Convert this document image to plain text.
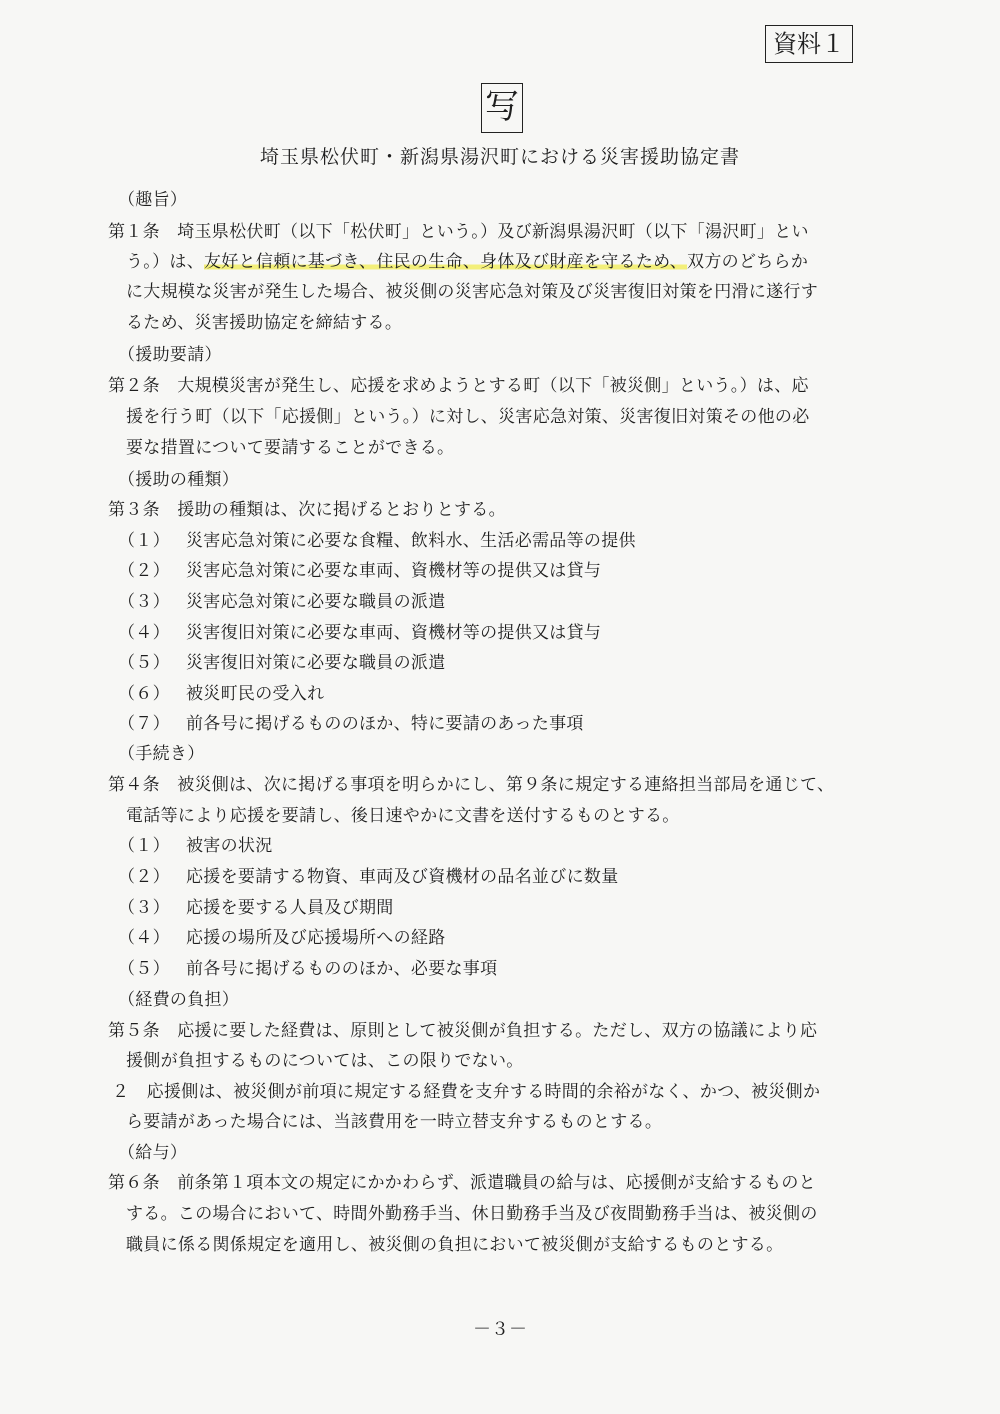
資料１
写
埼玉県松伏町・新潟県湯沢町における災害援助協定書
（趣旨）
第１条　埼玉県松伏町（以下「松伏町」という。）及び新潟県湯沢町（以下「湯沢町」とい
う。）は、友好と信頼に基づき、住民の生命、身体及び財産を守るため、双方のどちらか
に大規模な災害が発生した場合、被災側の災害応急対策及び災害復旧対策を円滑に遂行す
るため、災害援助協定を締結する。
（援助要請）
第２条　大規模災害が発生し、応援を求めようとする町（以下「被災側」という。）は、応
援を行う町（以下「応援側」という。）に対し、災害応急対策、災害復旧対策その他の必
要な措置について要請することができる。
（援助の種類）
第３条　援助の種類は、次に掲げるとおりとする。
（１） 災害応急対策に必要な食糧、飲料水、生活必需品等の提供
（２） 災害応急対策に必要な車両、資機材等の提供又は貸与
（３） 災害応急対策に必要な職員の派遣
（４） 災害復旧対策に必要な車両、資機材等の提供又は貸与
（５） 災害復旧対策に必要な職員の派遣
（６） 被災町民の受入れ
（７） 前各号に掲げるもののほか、特に要請のあった事項
（手続き）
第４条　被災側は、次に掲げる事項を明らかにし、第９条に規定する連絡担当部局を通じて、
電話等により応援を要請し、後日速やかに文書を送付するものとする。
（１） 被害の状況
（２） 応援を要請する物資、車両及び資機材の品名並びに数量
（３） 応援を要する人員及び期間
（４） 応援の場所及び応援場所への経路
（５） 前各号に掲げるもののほか、必要な事項
（経費の負担）
第５条　応援に要した経費は、原則として被災側が負担する。ただし、双方の協議により応
援側が負担するものについては、この限りでない。
２　応援側は、被災側が前項に規定する経費を支弁する時間的余裕がなく、かつ、被災側か
ら要請があった場合には、当該費用を一時立替支弁するものとする。
（給与）
第６条　前条第１項本文の規定にかかわらず、派遣職員の給与は、応援側が支給するものと
する。この場合において、時間外勤務手当、休日勤務手当及び夜間勤務手当は、被災側の
職員に係る関係規定を適用し、被災側の負担において被災側が支給するものとする。
－３－
